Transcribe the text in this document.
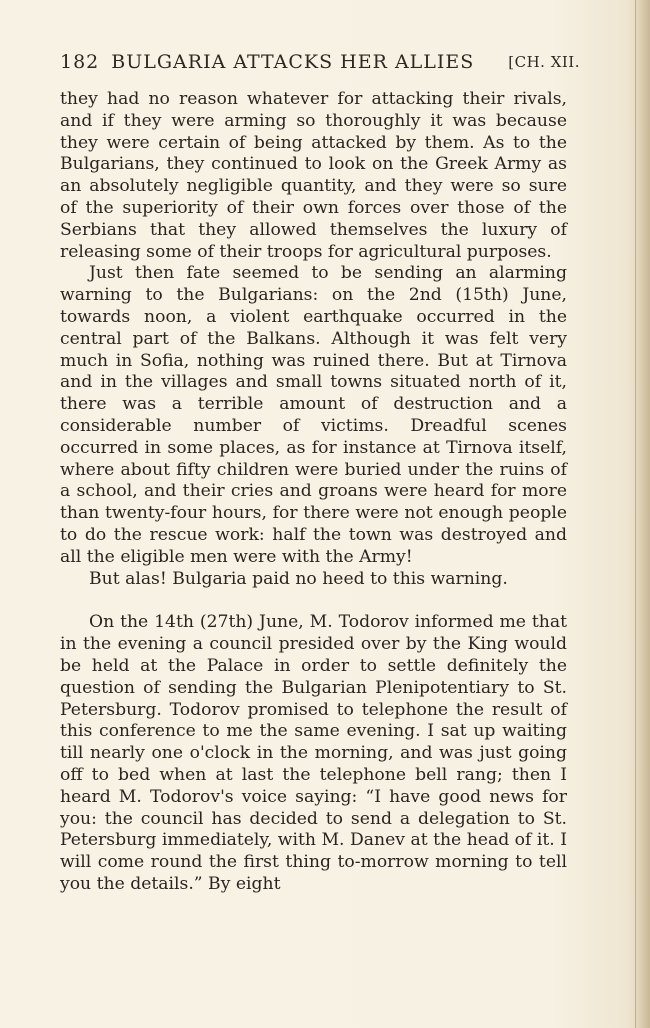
182 BULGARIA ATTACKS HER ALLIES [CH. XII.

they had no reason whatever for attacking their rivals, and if they were arming so thoroughly it was because they were certain of being attacked by them. As to the Bulgarians, they continued to look on the Greek Army as an absolutely negligible quantity, and they were so sure of the superiority of their own forces over those of the Serbians that they allowed themselves the luxury of releasing some of their troops for agricultural purposes.

Just then fate seemed to be sending an alarming warning to the Bulgarians: on the 2nd (15th) June, towards noon, a violent earthquake occurred in the central part of the Balkans. Although it was felt very much in Sofia, nothing was ruined there. But at Tirnova and in the villages and small towns situated north of it, there was a terrible amount of destruction and a considerable number of victims. Dreadful scenes occurred in some places, as for instance at Tirnova itself, where about fifty children were buried under the ruins of a school, and their cries and groans were heard for more than twenty-four hours, for there were not enough people to do the rescue work: half the town was destroyed and all the eligible men were with the Army!

But alas! Bulgaria paid no heed to this warning.

On the 14th (27th) June, M. Todorov informed me that in the evening a council presided over by the King would be held at the Palace in order to settle definitely the question of sending the Bulgarian Plenipotentiary to St. Petersburg. Todorov promised to telephone the result of this conference to me the same evening. I sat up waiting till nearly one o'clock in the morning, and was just going off to bed when at last the telephone bell rang; then I heard M. Todorov's voice saying: “I have good news for you: the council has decided to send a delegation to St. Petersburg immediately, with M. Danev at the head of it. I will come round the first thing to-morrow morning to tell you the details.” By eight
